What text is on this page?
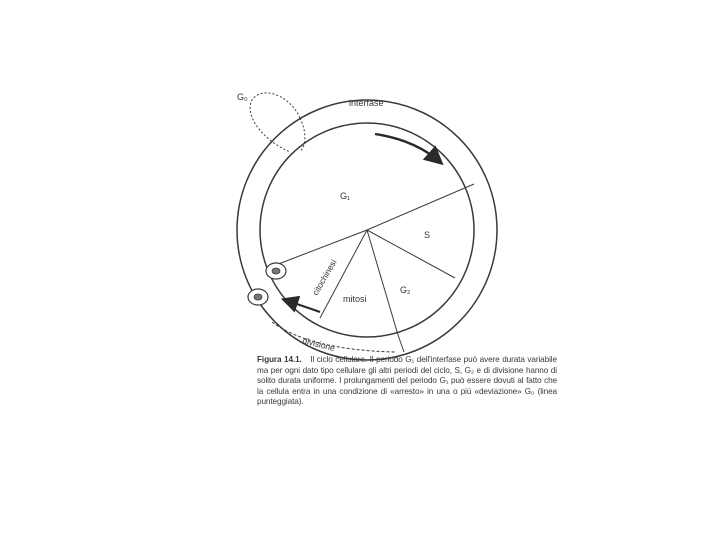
G₀
interfase
G₁
S
G₂
mitosi
citochinesi
divisione
Figura 14.1. Il ciclo cellulare. Il periodo G₁ dell'interfase può avere durata variabile ma per ogni dato tipo cellulare gli altri periodi del ciclo, S, G₂ e di divisione hanno di solito durata uniforme. I prolungamenti del periodo G₁ può essere dovuti al fatto che la cellula entra in una condizione di «arresto» in una o più «deviazione» G₀ (linea punteggiata).
